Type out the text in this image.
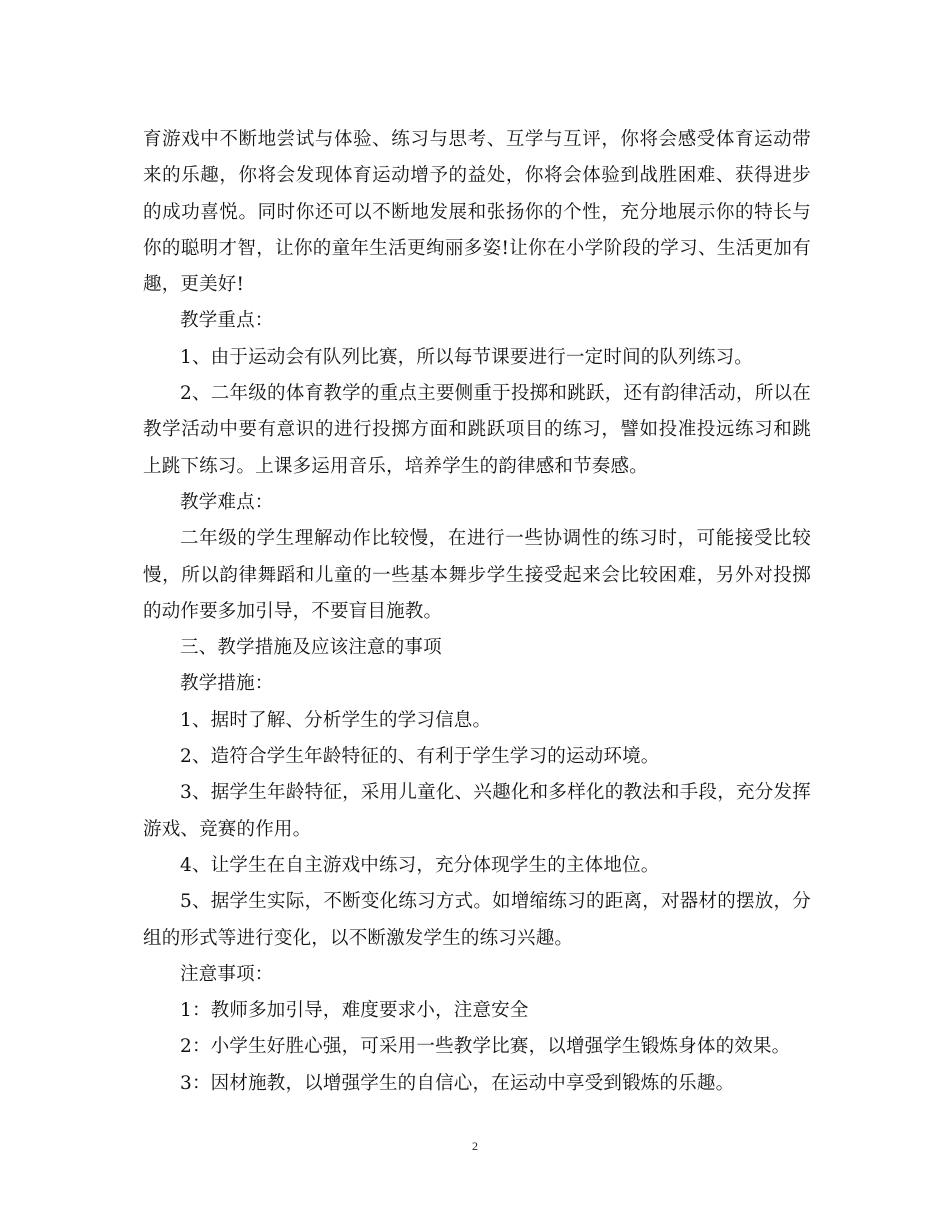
育游戏中不断地尝试与体验、练习与思考、互学与互评，你将会感受体育运动带来的乐趣，你将会发现体育运动增予的益处，你将会体验到战胜困难、获得进步的成功喜悦。同时你还可以不断地发展和张扬你的个性，充分地展示你的特长与你的聪明才智，让你的童年生活更绚丽多姿!让你在小学阶段的学习、生活更加有趣，更美好!

教学重点：

1、由于运动会有队列比赛，所以每节课要进行一定时间的队列练习。

2、二年级的体育教学的重点主要侧重于投掷和跳跃，还有韵律活动，所以在教学活动中要有意识的进行投掷方面和跳跃项目的练习，譬如投准投远练习和跳上跳下练习。上课多运用音乐，培养学生的韵律感和节奏感。

教学难点：

二年级的学生理解动作比较慢，在进行一些协调性的练习时，可能接受比较慢，所以韵律舞蹈和儿童的一些基本舞步学生接受起来会比较困难，另外对投掷的动作要多加引导，不要盲目施教。

三、教学措施及应该注意的事项

教学措施：

1、据时了解、分析学生的学习信息。

2、造符合学生年龄特征的、有利于学生学习的运动环境。

3、据学生年龄特征，采用儿童化、兴趣化和多样化的教法和手段，充分发挥游戏、竞赛的作用。

4、让学生在自主游戏中练习，充分体现学生的主体地位。

5、据学生实际，不断变化练习方式。如增缩练习的距离，对器材的摆放，分组的形式等进行变化，以不断激发学生的练习兴趣。

注意事项：

1：教师多加引导，难度要求小，注意安全

2：小学生好胜心强，可采用一些教学比赛，以增强学生锻炼身体的效果。

3：因材施教，以增强学生的自信心，在运动中享受到锻炼的乐趣。

2
